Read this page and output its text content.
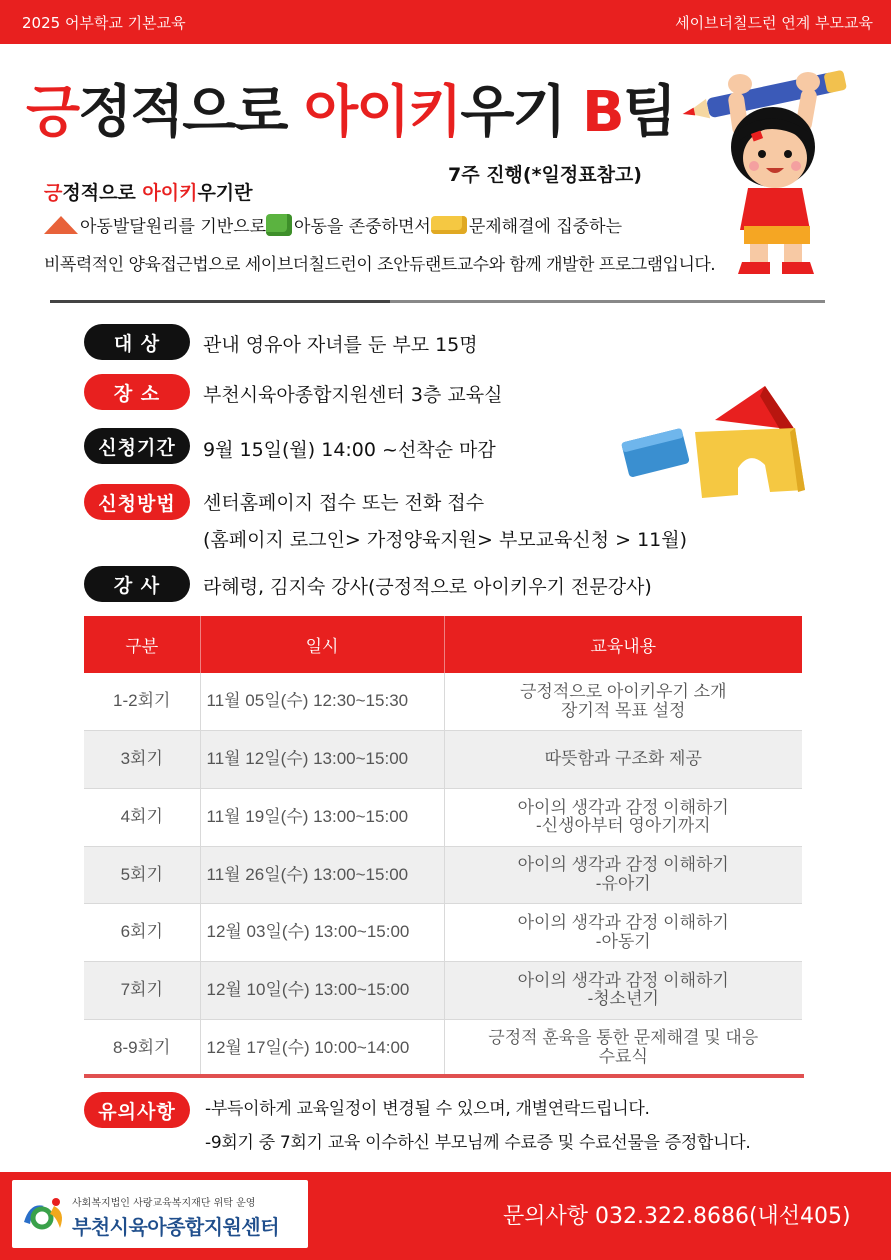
2025 어부학교 기본교육	세이브더칠드런 연계 부모교육
긍정적으로 아이키우기 B팀
7주 진행(*일정표참고)
긍정적으로 아이키우기란
아동발달원리를 기반으로 아동을 존중하면서 문제해결에 집중하는
비폭력적인 양육접근법으로 세이브더칠드런이 조안듀랜트교수와 함께 개발한 프로그램입니다.
대 상	관내 영유아 자녀를 둔 부모 15명
장 소	부천시육아종합지원센터 3층 교육실
신청기간	9월 15일(월) 14:00 ~선착순 마감
신청방법	센터홈페이지 접수 또는 전화 접수
(홈페이지 로그인> 가정양육지원> 부모교육신청 > 11월)
강 사	라혜령, 김지숙 강사(긍정적으로 아이키우기 전문강사)
구분	일시	교육내용
1-2회기	11월 05일(수) 12:30~15:30	긍정적으로 아이키우기 소개
장기적 목표 설정

3회기	11월 12일(수) 13:00~15:00	따뜻함과 구조화 제공

4회기	11월 19일(수) 13:00~15:00	아이의 생각과 감정 이해하기
-신생아부터 영아기까지

5회기	11월 26일(수) 13:00~15:00	아이의 생각과 감정 이해하기
-유아기

6회기	12월 03일(수) 13:00~15:00	아이의 생각과 감정 이해하기
-아동기

7회기	12월 10일(수) 13:00~15:00	아이의 생각과 감정 이해하기
-청소년기

8-9회기	12월 17일(수) 10:00~14:00	긍정적 훈육을 통한 문제해결 및 대응
수료식
유의사항	-부득이하게 교육일정이 변경될 수 있으며, 개별연락드립니다.
-9회기 중 7회기 교육 이수하신 부모님께 수료증 및 수료선물을 증정합니다.
사회복지법인 사랑교육복지재단 위탁 운영
부천시육아종합지원센터	문의사항 032.322.8686(내선405)
